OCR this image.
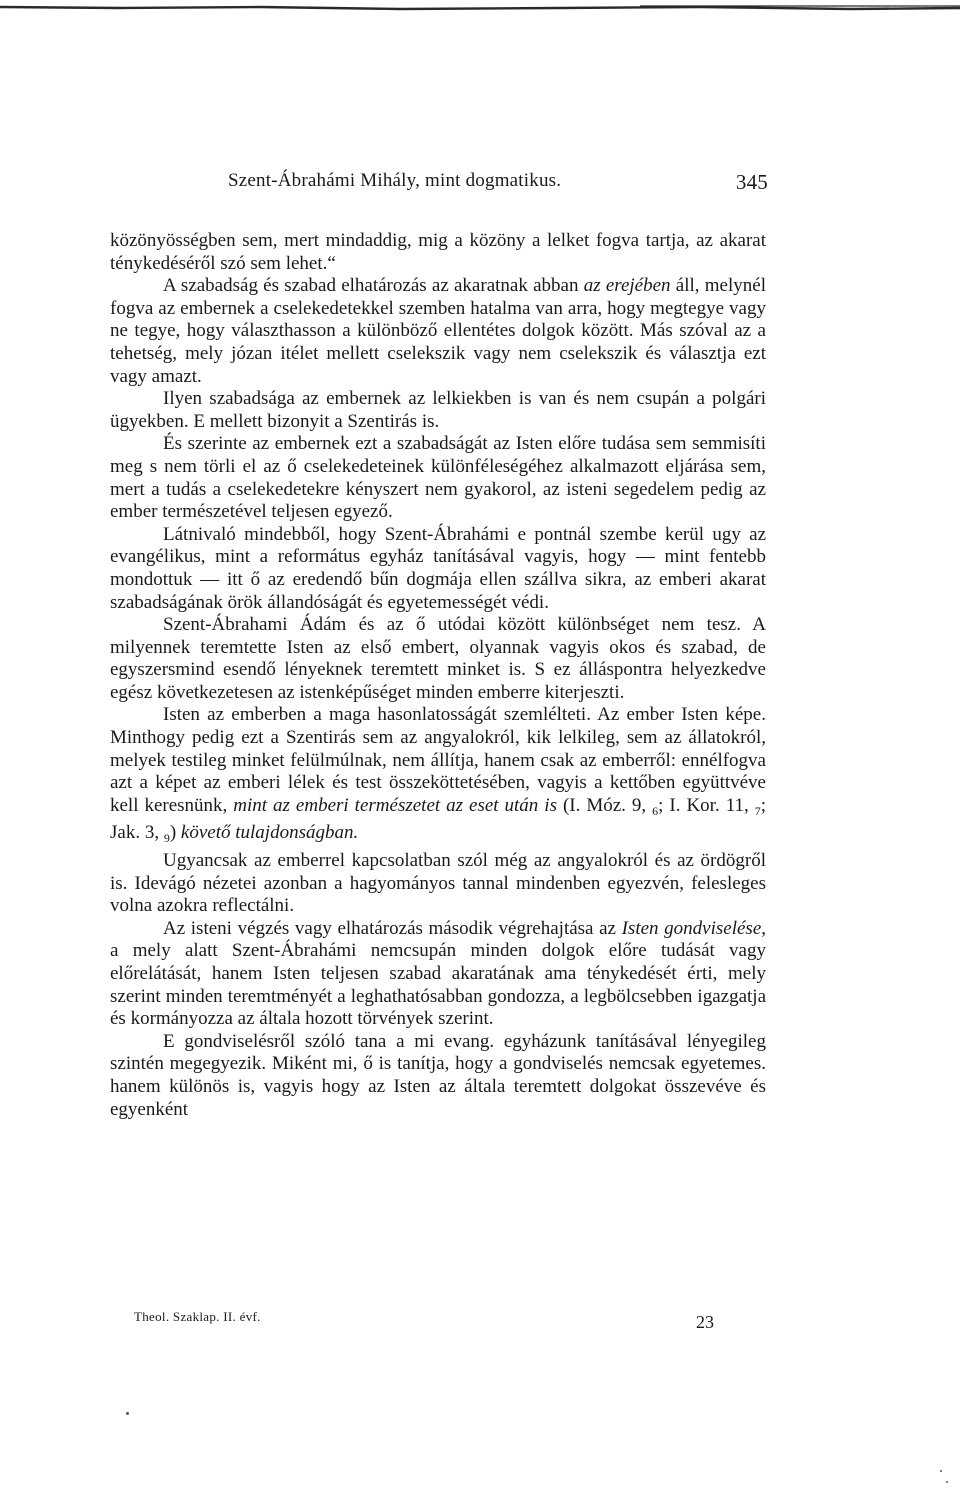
Szent-Ábrahámi Mihály, mint dogmatikus.	345

közönyösségben sem, mert mindaddig, mig a közöny a lelket fogva tartja, az akarat ténykedéséről szó sem lehet.“

A szabadság és szabad elhatározás az akaratnak abban az erejében áll, melynél fogva az embernek a cselekedetekkel szemben hatalma van arra, hogy megtegye vagy ne tegye, hogy választhasson a különböző ellentétes dolgok között. Más szóval az a tehetség, mely józan itélet mellett cselekszik vagy nem cselekszik és választja ezt vagy amazt.

Ilyen szabadsága az embernek az lelkiekben is van és nem csupán a polgári ügyekben. E mellett bizonyit a Szentirás is.

És szerinte az embernek ezt a szabadságát az Isten előre tudása sem semmisíti meg s nem törli el az ő cselekedeteinek különféleségéhez alkalmazott eljárása sem, mert a tudás a cselekedetekre kényszert nem gyakorol, az isteni segedelem pedig az ember természetével teljesen egyező.

Látnivaló mindebből, hogy Szent-Ábrahámi e pontnál szembe kerül ugy az evangélikus, mint a református egyház tanításával vagyis, hogy — mint fentebb mondottuk — itt ő az eredendő bűn dogmája ellen szállva sikra, az emberi akarat szabadságának örök állandóságát és egyetemességét védi.

Szent-Ábrahami Ádám és az ő utódai között különbséget nem tesz. A milyennek teremtette Isten az első embert, olyannak vagyis okos és szabad, de egyszersmind esendő lényeknek teremtett minket is. S ez álláspontra helyezkedve egész következetesen az istenképűséget minden emberre kiterjeszti.

Isten az emberben a maga hasonlatosságát szemlélteti. Az ember Isten képe. Minthogy pedig ezt a Szentirás sem az angyalokról, kik lelkileg, sem az állatokról, melyek testileg minket felülmúlnak, nem állítja, hanem csak az emberről: ennélfogva azt a képet az emberi lélek és test összeköttetésében, vagyis a kettőben együttvéve kell keresnünk, mint az emberi természetet az eset után is (I. Móz. 9, $_6$; I. Kor. 11, $_7$; Jak. 3, $_9$) követő tulajdonságban.

Ugyancsak az emberrel kapcsolatban szól még az angyalokról és az ördögről is. Idevágó nézetei azonban a hagyományos tannal mindenben egyezvén, felesleges volna azokra reflectálni.

Az isteni végzés vagy elhatározás második végrehajtása az Isten gondviselése, a mely alatt Szent-Ábrahámi nemcsupán minden dolgok előre tudását vagy előrelátását, hanem Isten teljesen szabad akaratának ama ténykedését érti, mely szerint minden teremtményét a leghathatósabban gondozza, a legbölcsebben igazgatja és kormányozza az általa hozott törvények szerint.

E gondviselésről szóló tana a mi evang. egyházunk tanításával lényegileg szintén megegyezik. Miként mi, ő is tanítja, hogy a gondviselés nemcsak egyetemes. hanem különös is, vagyis hogy az Isten az általa teremtett dolgokat összevéve és egyenként

Theol. Szaklap. II. évf.	23
